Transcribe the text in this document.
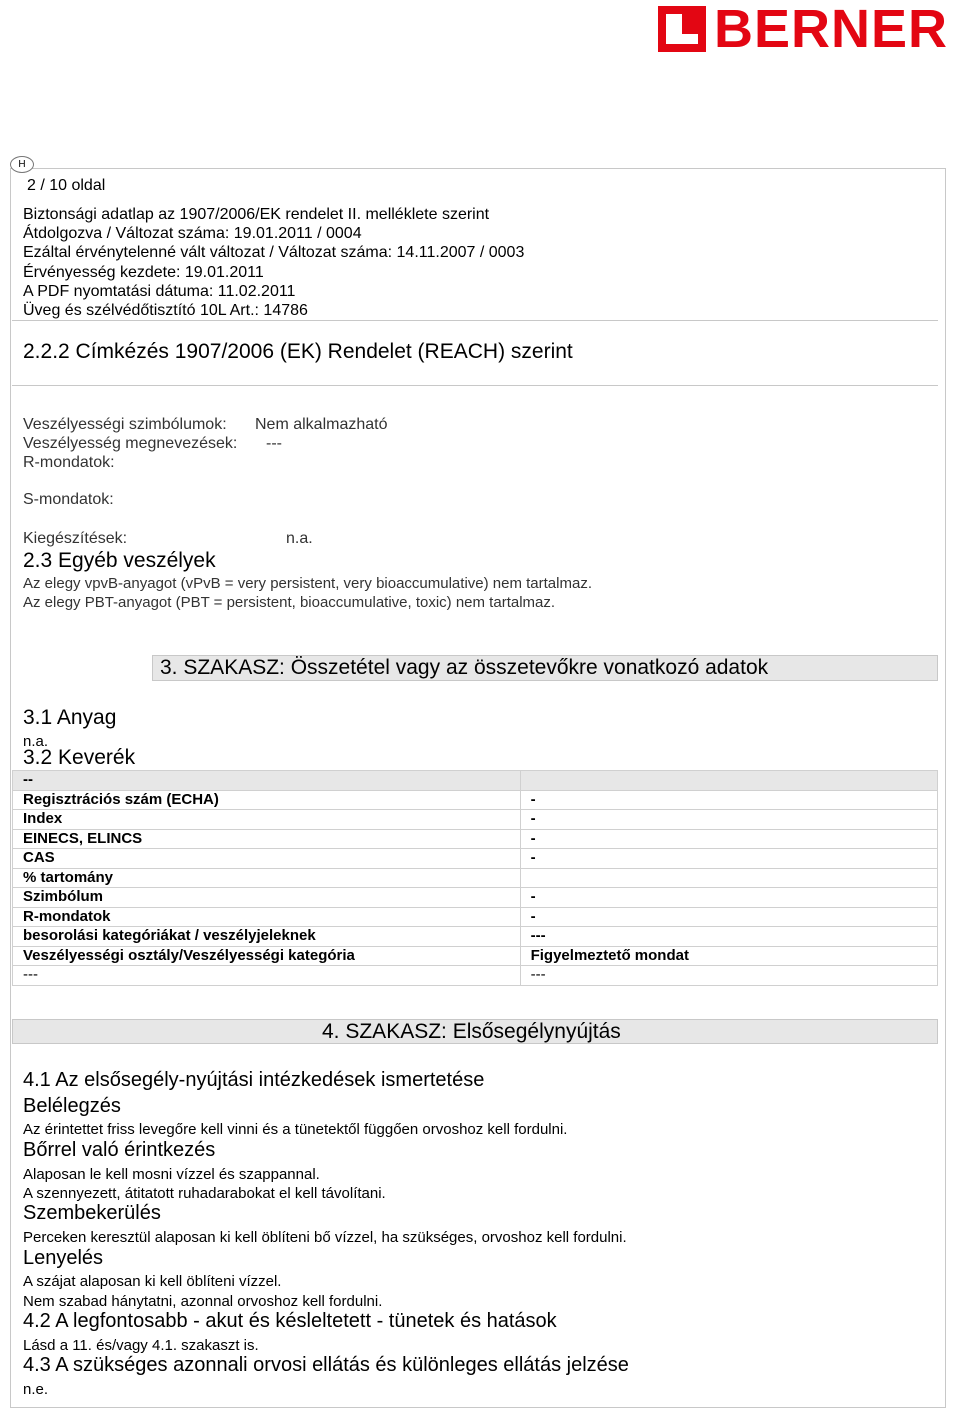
BERNER
H
2 / 10 oldal
Biztonsági adatlap az 1907/2006/EK rendelet II. melléklete szerint
Átdolgozva / Változat száma: 19.01.2011 / 0004
Ezáltal érvénytelenné vált változat / Változat száma: 14.11.2007 / 0003
Érvényesség kezdete: 19.01.2011
A PDF nyomtatási dátuma: 11.02.2011
Üveg és szélvédőtisztító 10L Art.: 14786
2.2.2 Címkézés 1907/2006 (EK) Rendelet (REACH) szerint
Veszélyességi szimbólumok: Nem alkalmazható
Veszélyesség megnevezések: ---
R-mondatok:
S-mondatok:
Kiegészítések:	n.a.
2.3 Egyéb veszélyek
Az elegy vpvB-anyagot (vPvB = very persistent, very bioaccumulative) nem tartalmaz.
Az elegy PBT-anyagot (PBT = persistent, bioaccumulative, toxic) nem tartalmaz.
3. SZAKASZ: Összetétel vagy az összetevőkre vonatkozó adatok
3.1 Anyag
n.a.
3.2 Keverék
--	
Regisztrációs szám (ECHA)	-
Index	-
EINECS, ELINCS	-
CAS	-
% tartomány	
Szimbólum	-
R-mondatok	-
besorolási kategóriákat / veszélyjeleknek	---
Veszélyességi osztály/Veszélyességi kategória	Figyelmeztető mondat
---	---
4. SZAKASZ: Elsősegélynyújtás
4.1 Az elsősegély-nyújtási intézkedések ismertetése
Belélegzés
Az érintettet friss levegőre kell vinni és a tünetektől függően orvoshoz kell fordulni.
Bőrrel való érintkezés
Alaposan le kell mosni vízzel és szappannal.
A szennyezett, átitatott ruhadarabokat el kell távolítani.
Szembekerülés
Perceken keresztül alaposan ki kell öblíteni bő vízzel, ha szükséges, orvoshoz kell fordulni.
Lenyelés
A szájat alaposan ki kell öblíteni vízzel.
Nem szabad hánytatni, azonnal orvoshoz kell fordulni.
4.2 A legfontosabb - akut és késleltetett - tünetek és hatások
Lásd a 11. és/vagy 4.1. szakaszt is.
4.3 A szükséges azonnali orvosi ellátás és különleges ellátás jelzése
n.e.
